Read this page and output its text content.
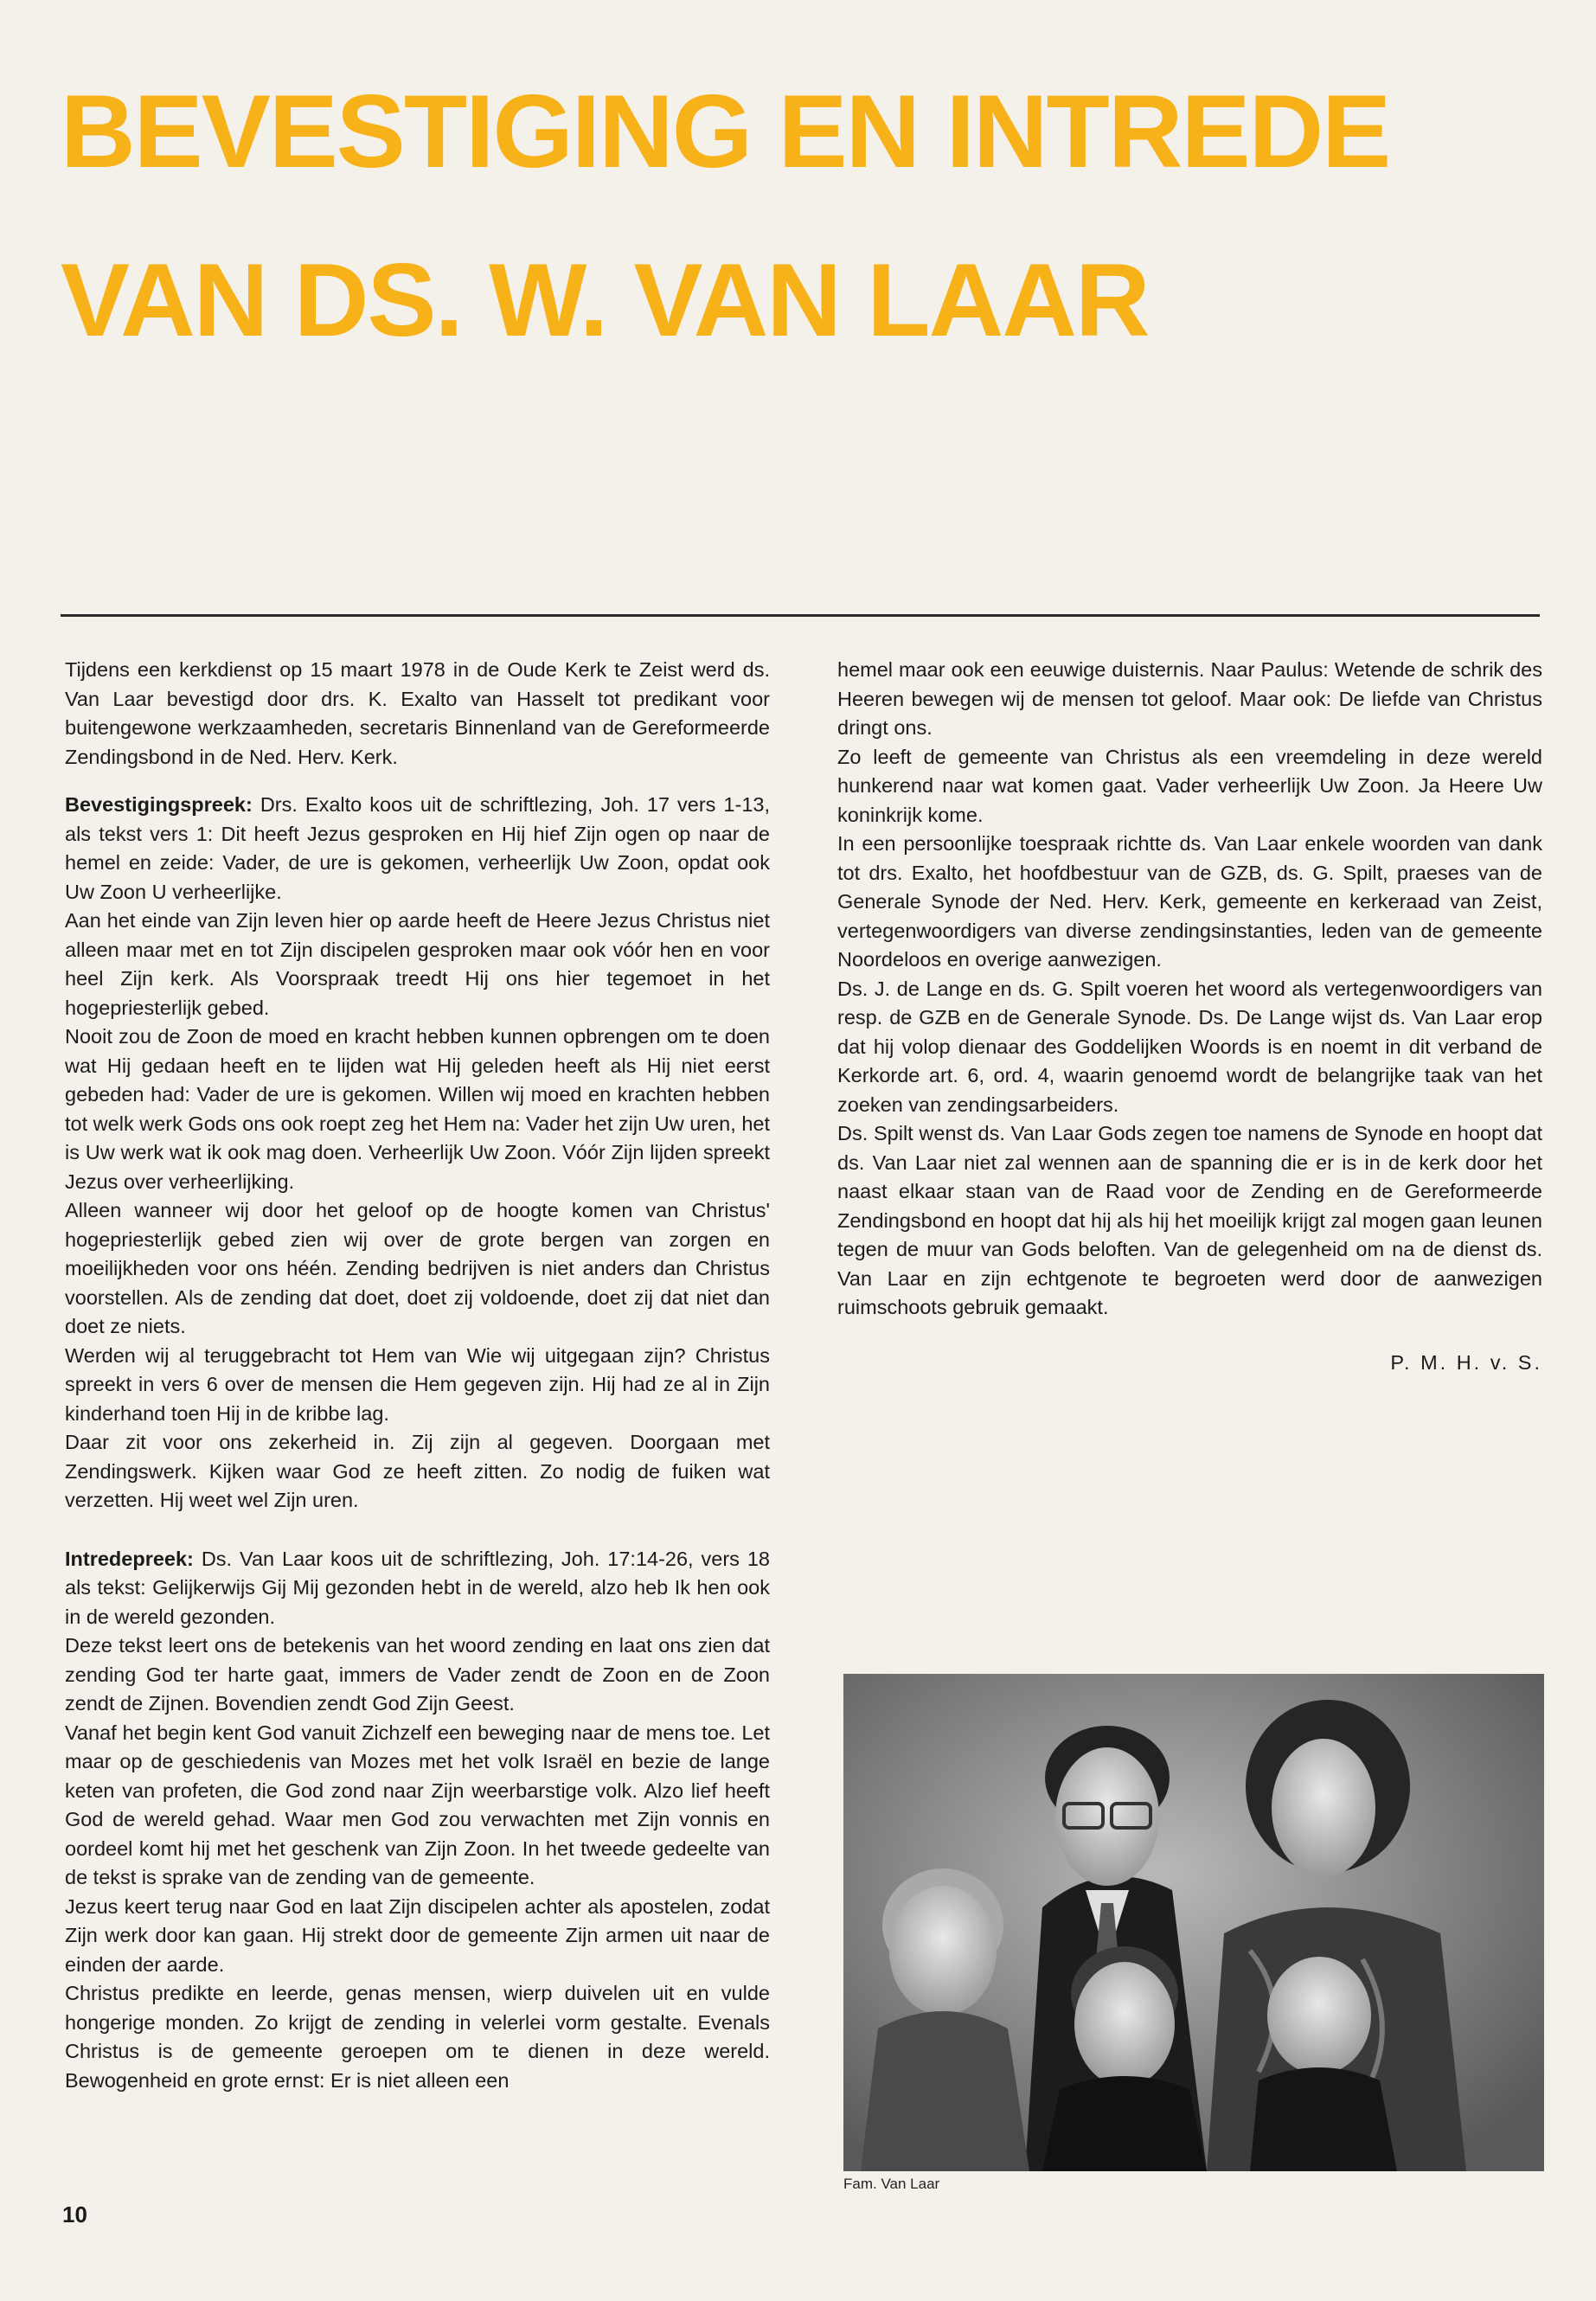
BEVESTIGING EN INTREDE
VAN DS. W. VAN LAAR

Tijdens een kerkdienst op 15 maart 1978 in de Oude Kerk te Zeist werd ds. Van Laar bevestigd door drs. K. Exalto van Hasselt tot predikant voor buitengewone werkzaamheden, secretaris Binnenland van de Gereformeerde Zendingsbond in de Ned. Herv. Kerk.

Bevestigingspreek: Drs. Exalto koos uit de schriftlezing, Joh. 17 vers 1-13, als tekst vers 1: Dit heeft Jezus gesproken en Hij hief Zijn ogen op naar de hemel en zeide: Vader, de ure is gekomen, verheerlijk Uw Zoon, opdat ook Uw Zoon U verheerlijke.

Aan het einde van Zijn leven hier op aarde heeft de Heere Jezus Christus niet alleen maar met en tot Zijn discipelen gesproken maar ook vóór hen en voor heel Zijn kerk. Als Voorspraak treedt Hij ons hier tegemoet in het hogepriesterlijk gebed.

Nooit zou de Zoon de moed en kracht hebben kunnen opbrengen om te doen wat Hij gedaan heeft en te lijden wat Hij geleden heeft als Hij niet eerst gebeden had: Vader de ure is gekomen. Willen wij moed en krachten hebben tot welk werk Gods ons ook roept zeg het Hem na: Vader het zijn Uw uren, het is Uw werk wat ik ook mag doen. Verheerlijk Uw Zoon. Vóór Zijn lijden spreekt Jezus over verheerlijking.

Alleen wanneer wij door het geloof op de hoogte komen van Christus' hogepriesterlijk gebed zien wij over de grote bergen van zorgen en moeilijkheden voor ons héén. Zending bedrijven is niet anders dan Christus voorstellen. Als de zending dat doet, doet zij voldoende, doet zij dat niet dan doet ze niets.

Werden wij al teruggebracht tot Hem van Wie wij uitgegaan zijn? Christus spreekt in vers 6 over de mensen die Hem gegeven zijn. Hij had ze al in Zijn kinderhand toen Hij in de kribbe lag.

Daar zit voor ons zekerheid in. Zij zijn al gegeven. Doorgaan met Zendingswerk. Kijken waar God ze heeft zitten. Zo nodig de fuiken wat verzetten. Hij weet wel Zijn uren.

Intredepreek: Ds. Van Laar koos uit de schriftlezing, Joh. 17:14-26, vers 18 als tekst: Gelijkerwijs Gij Mij gezonden hebt in de wereld, alzo heb Ik hen ook in de wereld gezonden.

Deze tekst leert ons de betekenis van het woord zending en laat ons zien dat zending God ter harte gaat, immers de Vader zendt de Zoon en de Zoon zendt de Zijnen. Bovendien zendt God Zijn Geest.

Vanaf het begin kent God vanuit Zichzelf een beweging naar de mens toe. Let maar op de geschiedenis van Mozes met het volk Israël en bezie de lange keten van profeten, die God zond naar Zijn weerbarstige volk. Alzo lief heeft God de wereld gehad. Waar men God zou verwachten met Zijn vonnis en oordeel komt hij met het geschenk van Zijn Zoon. In het tweede gedeelte van de tekst is sprake van de zending van de gemeente.

Jezus keert terug naar God en laat Zijn discipelen achter als apostelen, zodat Zijn werk door kan gaan. Hij strekt door de gemeente Zijn armen uit naar de einden der aarde.

Christus predikte en leerde, genas mensen, wierp duivelen uit en vulde hongerige monden. Zo krijgt de zending in velerlei vorm gestalte. Evenals Christus is de gemeente geroepen om te dienen in deze wereld. Bewogenheid en grote ernst: Er is niet alleen een

hemel maar ook een eeuwige duisternis. Naar Paulus: Wetende de schrik des Heeren bewegen wij de mensen tot geloof. Maar ook: De liefde van Christus dringt ons.

Zo leeft de gemeente van Christus als een vreemdeling in deze wereld hunkerend naar wat komen gaat. Vader verheerlijk Uw Zoon. Ja Heere Uw koninkrijk kome.

In een persoonlijke toespraak richtte ds. Van Laar enkele woorden van dank tot drs. Exalto, het hoofdbestuur van de GZB, ds. G. Spilt, praeses van de Generale Synode der Ned. Herv. Kerk, gemeente en kerkeraad van Zeist, vertegenwoordigers van diverse zendingsinstanties, leden van de gemeente Noordeloos en overige aanwezigen.

Ds. J. de Lange en ds. G. Spilt voeren het woord als vertegenwoordigers van resp. de GZB en de Generale Synode. Ds. De Lange wijst ds. Van Laar erop dat hij volop dienaar des Goddelijken Woords is en noemt in dit verband de Kerkorde art. 6, ord. 4, waarin genoemd wordt de belangrijke taak van het zoeken van zendingsarbeiders.

Ds. Spilt wenst ds. Van Laar Gods zegen toe namens de Synode en hoopt dat ds. Van Laar niet zal wennen aan de spanning die er is in de kerk door het naast elkaar staan van de Raad voor de Zending en de Gereformeerde Zendingsbond en hoopt dat hij als hij het moeilijk krijgt zal mogen gaan leunen tegen de muur van Gods beloften. Van de gelegenheid om na de dienst ds. Van Laar en zijn echtgenote te begroeten werd door de aanwezigen ruimschoots gebruik gemaakt.

P. M. H. v. S.
Fam. Van Laar
10
